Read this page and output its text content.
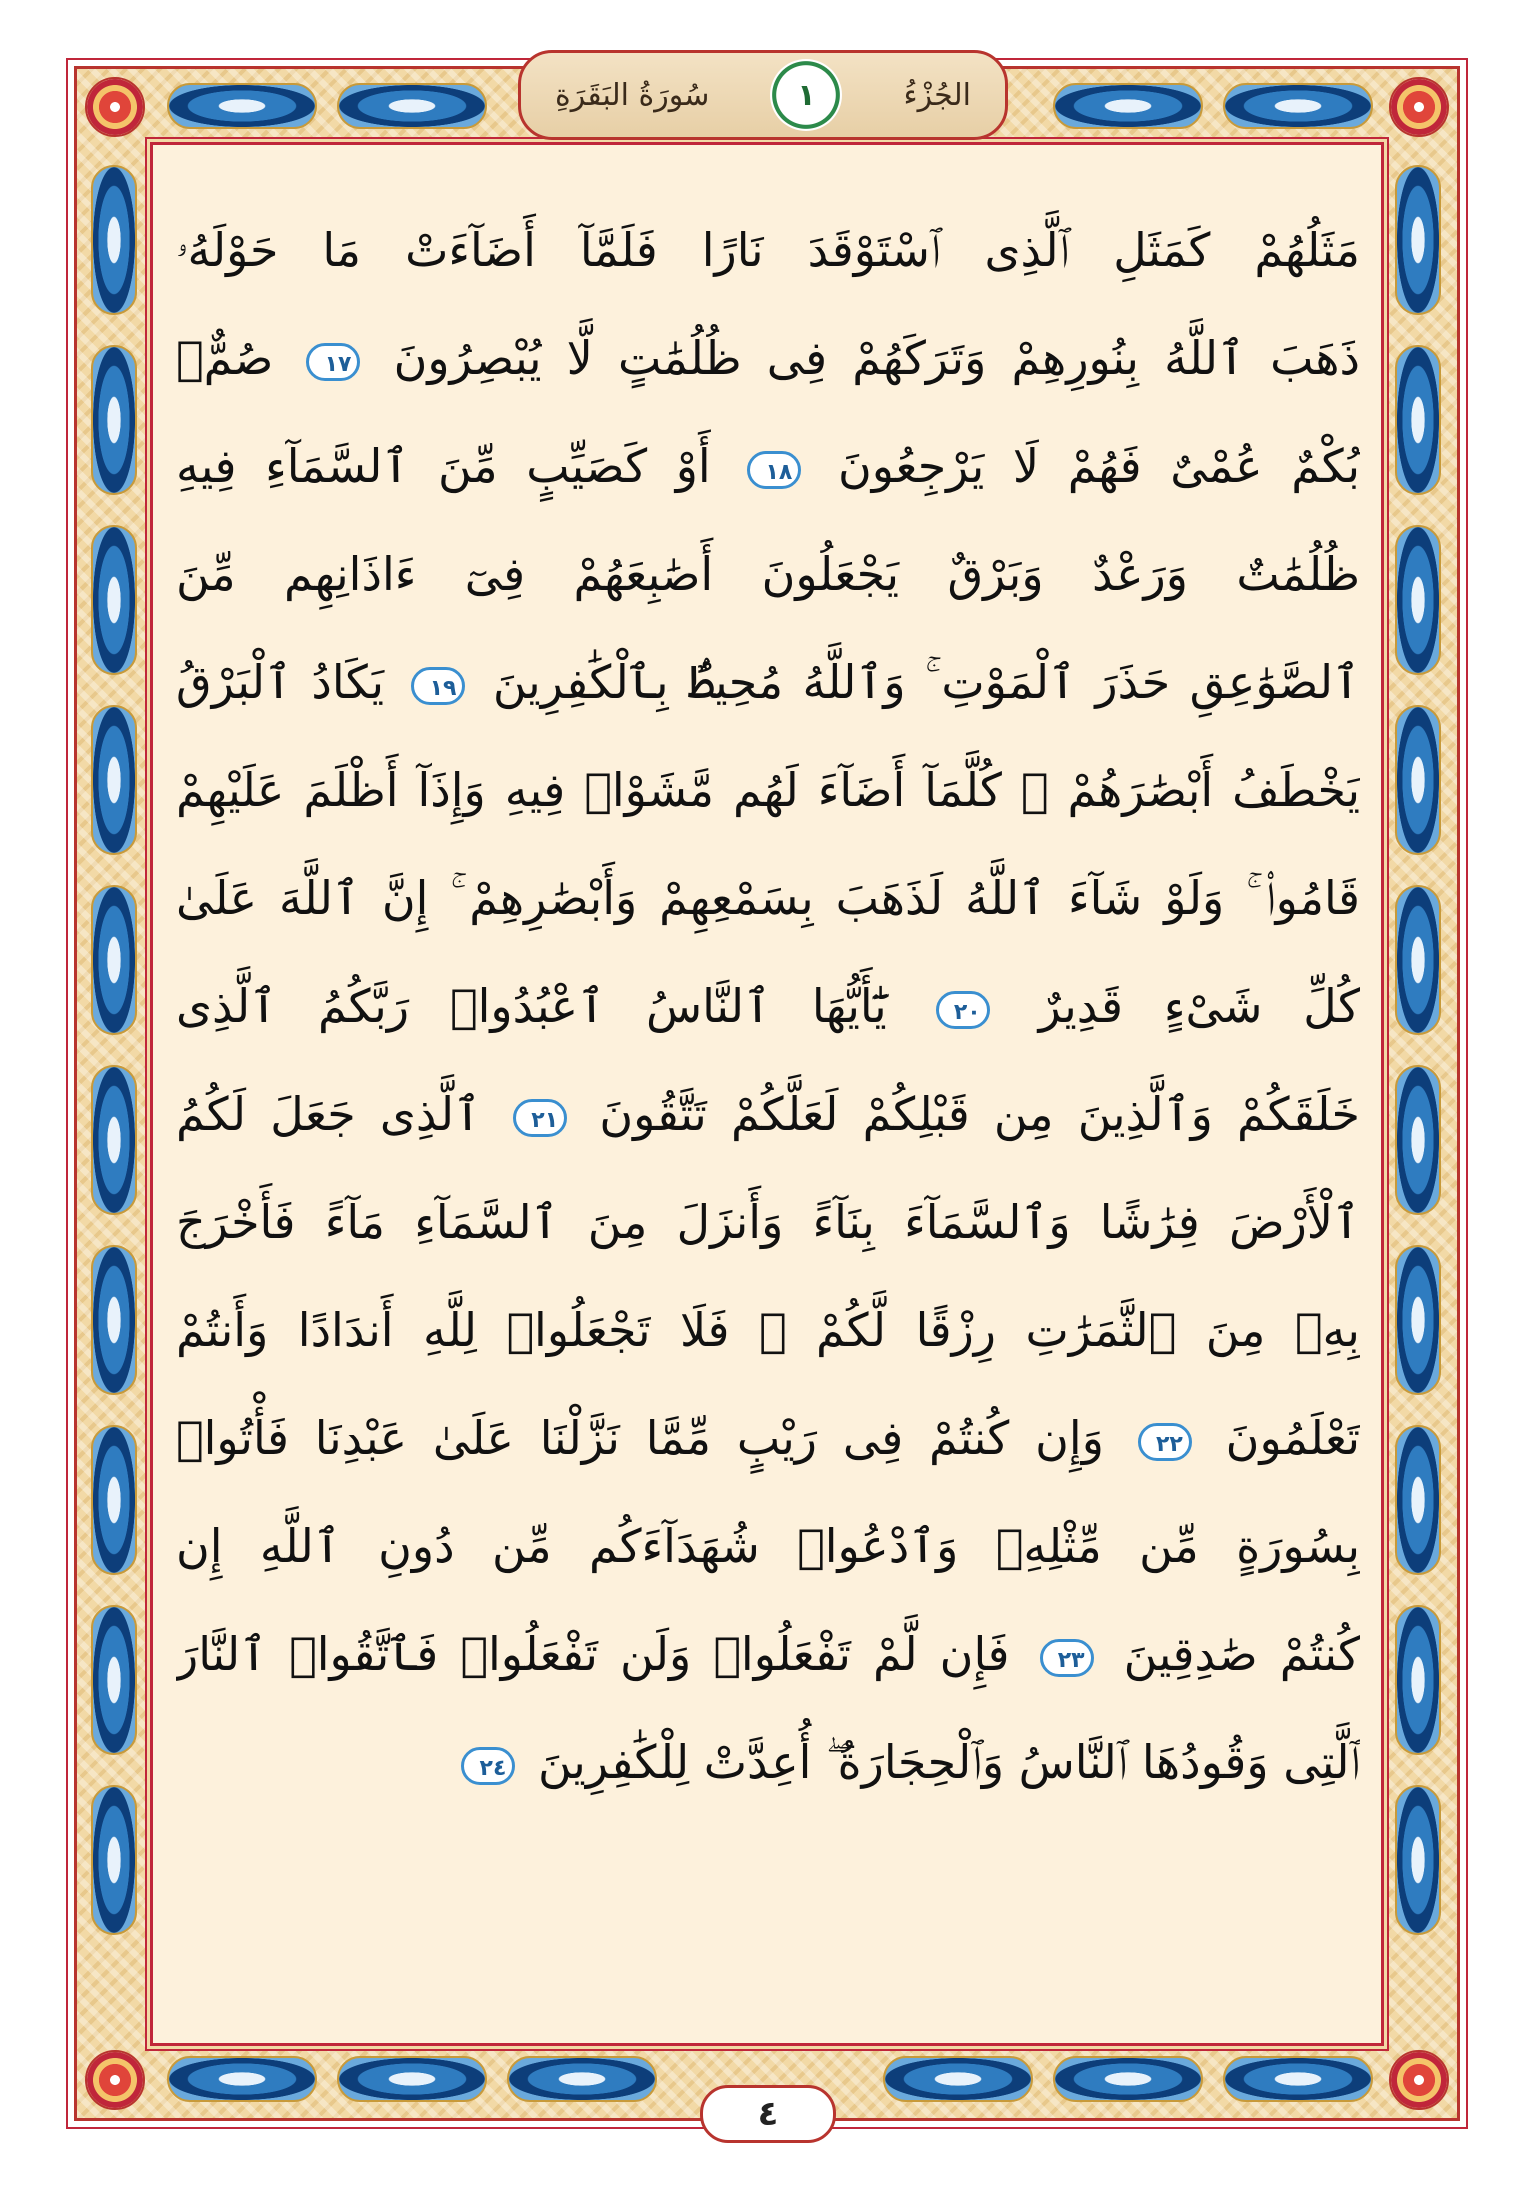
سُورَةُ البَقَرَةِ	١	الجُزْءُ
مَثَلُهُمْ كَمَثَلِ ٱلَّذِى ٱسْتَوْقَدَ نَارًا فَلَمَّآ أَضَآءَتْ مَا حَوْلَهُۥ
ذَهَبَ ٱللَّهُ بِنُورِهِمْ وَتَرَكَهُمْ فِى ظُلُمَٰتٍ لَّا يُبْصِرُونَ ١٧ صُمٌّۢ
بُكْمٌ عُمْىٌ فَهُمْ لَا يَرْجِعُونَ ١٨ أَوْ كَصَيِّبٍ مِّنَ ٱلسَّمَآءِ فِيهِ
ظُلُمَٰتٌ وَرَعْدٌ وَبَرْقٌ يَجْعَلُونَ أَصَٰبِعَهُمْ فِىٓ ءَاذَانِهِم مِّنَ
ٱلصَّوَٰعِقِ حَذَرَ ٱلْمَوْتِ ۚ وَٱللَّهُ مُحِيطٌۢ بِٱلْكَٰفِرِينَ ١٩ يَكَادُ ٱلْبَرْقُ
يَخْطَفُ أَبْصَٰرَهُمْ ۖ كُلَّمَآ أَضَآءَ لَهُم مَّشَوْا۟ فِيهِ وَإِذَآ أَظْلَمَ عَلَيْهِمْ
قَامُوا۟ ۚ وَلَوْ شَآءَ ٱللَّهُ لَذَهَبَ بِسَمْعِهِمْ وَأَبْصَٰرِهِمْ ۚ إِنَّ ٱللَّهَ عَلَىٰ
كُلِّ شَىْءٍ قَدِيرٌ ٢٠ يَٰٓأَيُّهَا ٱلنَّاسُ ٱعْبُدُوا۟ رَبَّكُمُ ٱلَّذِى
خَلَقَكُمْ وَٱلَّذِينَ مِن قَبْلِكُمْ لَعَلَّكُمْ تَتَّقُونَ ٢١ ٱلَّذِى جَعَلَ لَكُمُ
ٱلْأَرْضَ فِرَٰشًا وَٱلسَّمَآءَ بِنَآءً وَأَنزَلَ مِنَ ٱلسَّمَآءِ مَآءً فَأَخْرَجَ
بِهِۦ مِنَ ٱلثَّمَرَٰتِ رِزْقًا لَّكُمْ ۖ فَلَا تَجْعَلُوا۟ لِلَّهِ أَندَادًا وَأَنتُمْ
تَعْلَمُونَ ٢٢ وَإِن كُنتُمْ فِى رَيْبٍ مِّمَّا نَزَّلْنَا عَلَىٰ عَبْدِنَا فَأْتُوا۟
بِسُورَةٍ مِّن مِّثْلِهِۦ وَٱدْعُوا۟ شُهَدَآءَكُم مِّن دُونِ ٱللَّهِ إِن
كُنتُمْ صَٰدِقِينَ ٢٣ فَإِن لَّمْ تَفْعَلُوا۟ وَلَن تَفْعَلُوا۟ فَٱتَّقُوا۟ ٱلنَّارَ
ٱلَّتِى وَقُودُهَا ٱلنَّاسُ وَٱلْحِجَارَةُ ۖ أُعِدَّتْ لِلْكَٰفِرِينَ ٢٤
٤
